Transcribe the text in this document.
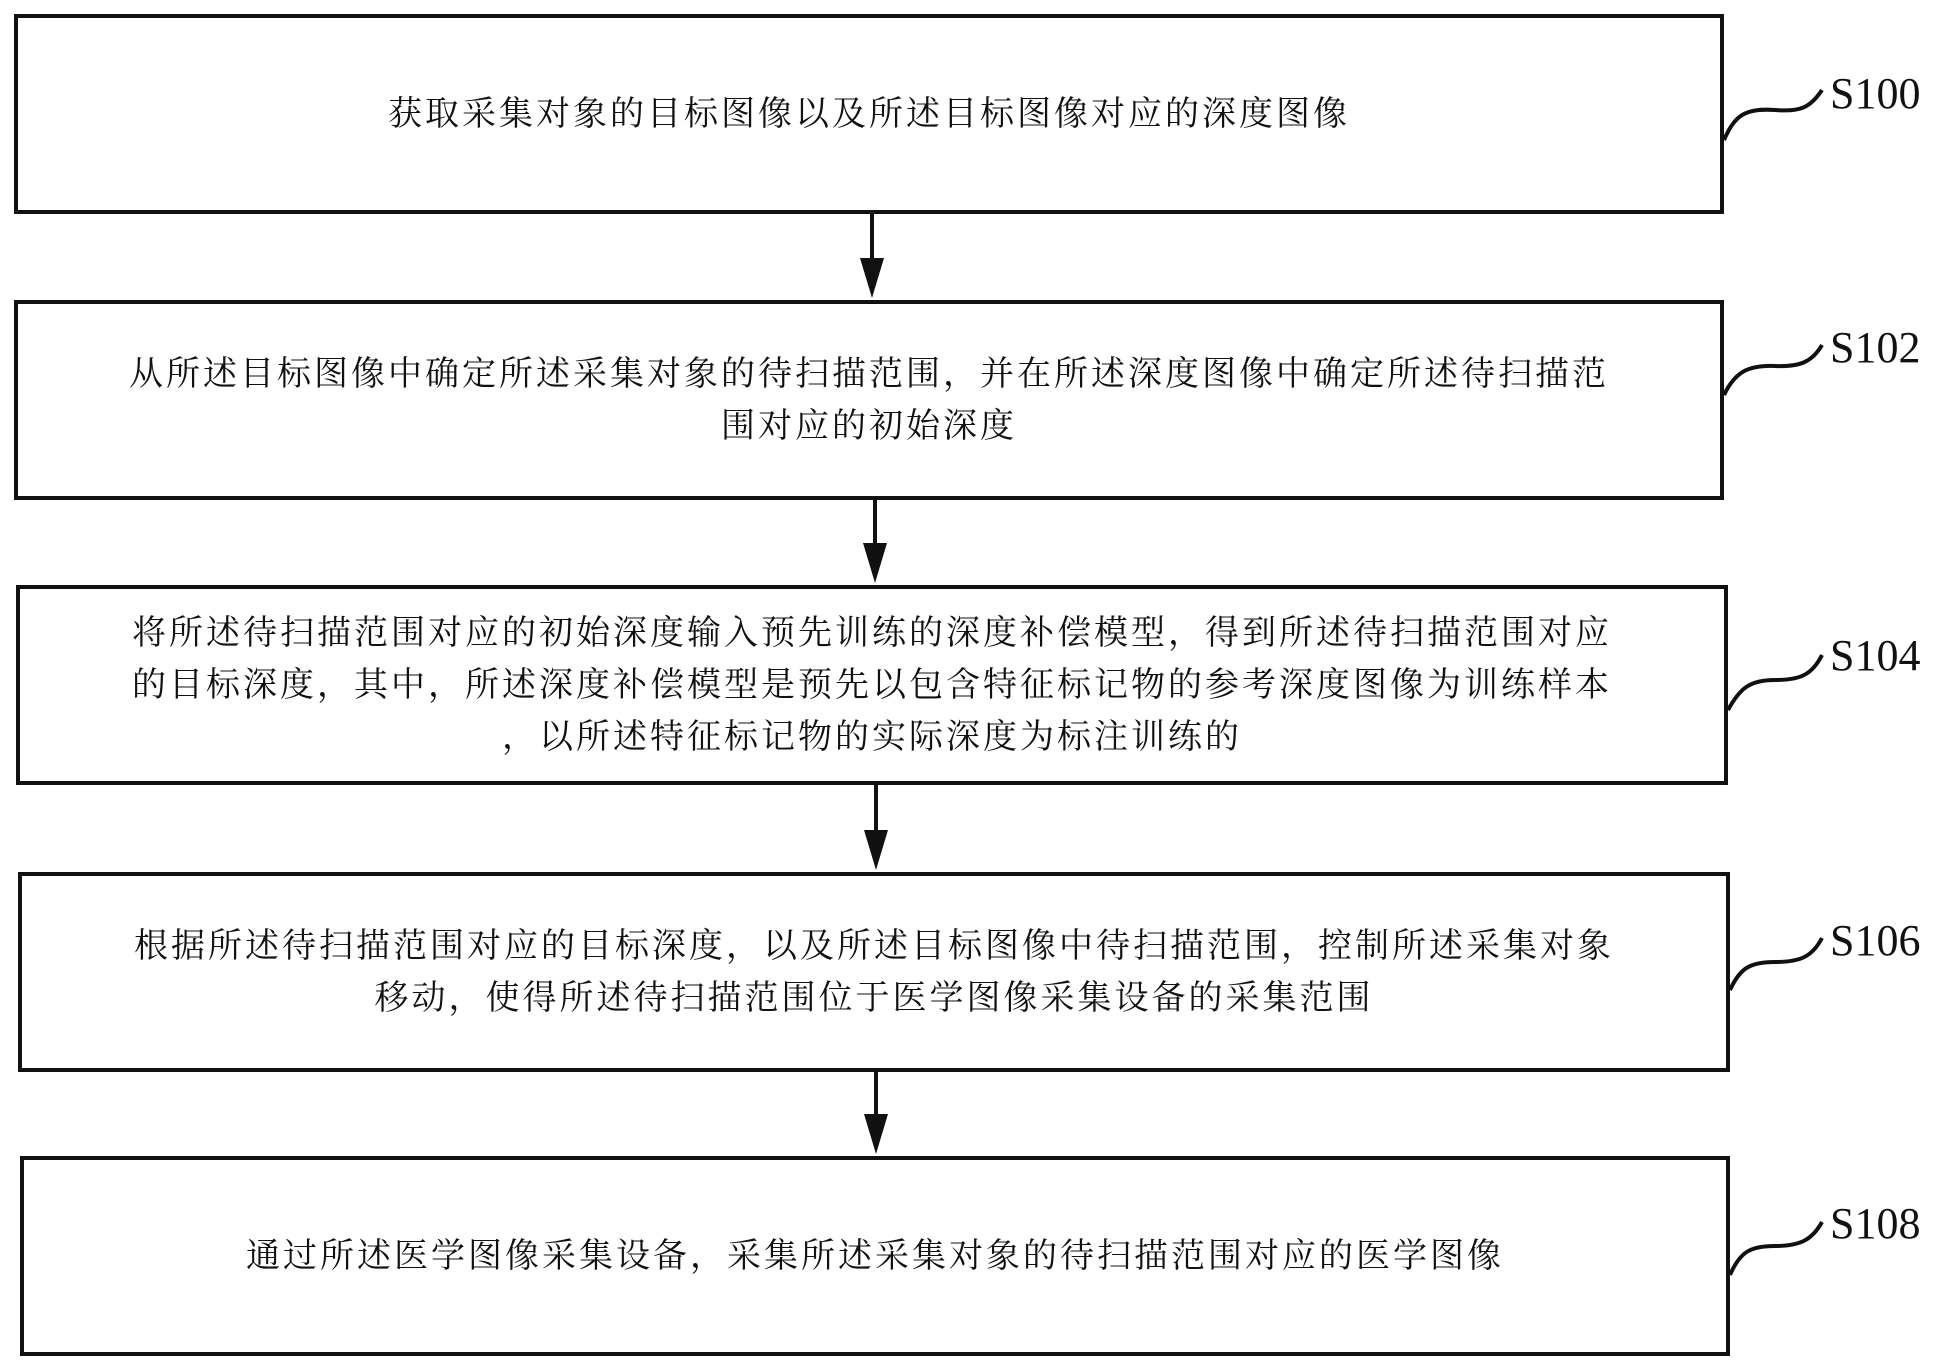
获取采集对象的目标图像以及所述目标图像对应的深度图像
从所述目标图像中确定所述采集对象的待扫描范围，并在所述深度图像中确定所述待扫描范
围对应的初始深度
将所述待扫描范围对应的初始深度输入预先训练的深度补偿模型，得到所述待扫描范围对应
的目标深度，其中，所述深度补偿模型是预先以包含特征标记物的参考深度图像为训练样本
，以所述特征标记物的实际深度为标注训练的
根据所述待扫描范围对应的目标深度，以及所述目标图像中待扫描范围，控制所述采集对象
移动，使得所述待扫描范围位于医学图像采集设备的采集范围
通过所述医学图像采集设备，采集所述采集对象的待扫描范围对应的医学图像
S100
S102
S104
S106
S108
